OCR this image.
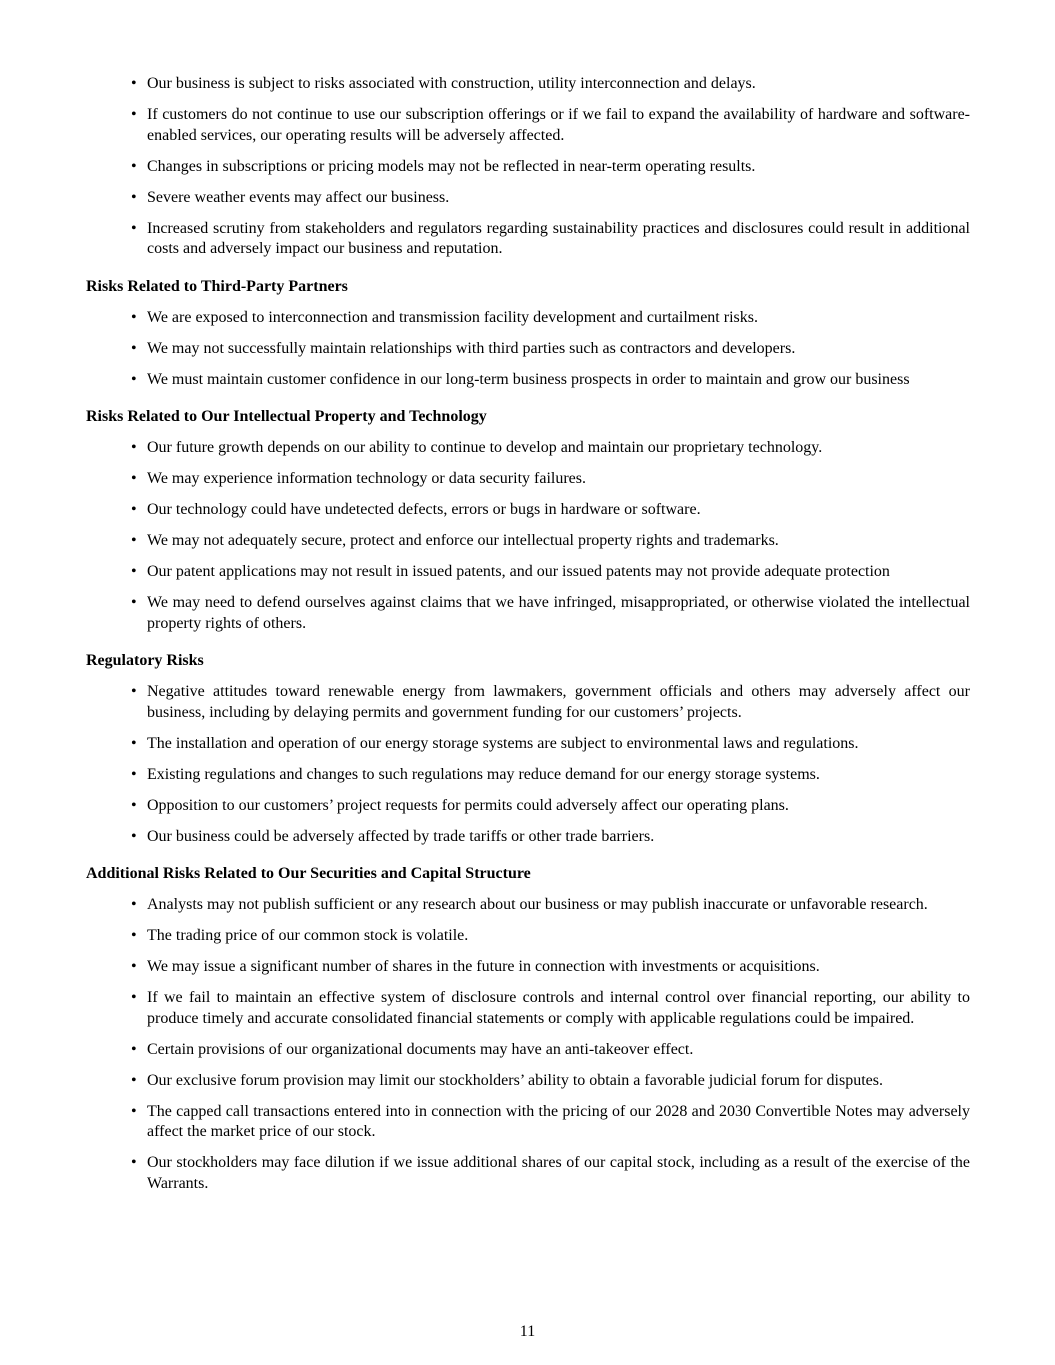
• Our business is subject to risks associated with construction, utility interconnection and delays.
• If customers do not continue to use our subscription offerings or if we fail to expand the availability of hardware and software-enabled services, our operating results will be adversely affected.
• Changes in subscriptions or pricing models may not be reflected in near-term operating results.
• Severe weather events may affect our business.
• Increased scrutiny from stakeholders and regulators regarding sustainability practices and disclosures could result in additional costs and adversely impact our business and reputation.
Risks Related to Third-Party Partners
• We are exposed to interconnection and transmission facility development and curtailment risks.
• We may not successfully maintain relationships with third parties such as contractors and developers.
• We must maintain customer confidence in our long-term business prospects in order to maintain and grow our business
Risks Related to Our Intellectual Property and Technology
• Our future growth depends on our ability to continue to develop and maintain our proprietary technology.
• We may experience information technology or data security failures.
• Our technology could have undetected defects, errors or bugs in hardware or software.
• We may not adequately secure, protect and enforce our intellectual property rights and trademarks.
• Our patent applications may not result in issued patents, and our issued patents may not provide adequate protection
• We may need to defend ourselves against claims that we have infringed, misappropriated, or otherwise violated the intellectual property rights of others.
Regulatory Risks
• Negative attitudes toward renewable energy from lawmakers, government officials and others may adversely affect our business, including by delaying permits and government funding for our customers’ projects.
• The installation and operation of our energy storage systems are subject to environmental laws and regulations.
• Existing regulations and changes to such regulations may reduce demand for our energy storage systems.
• Opposition to our customers’ project requests for permits could adversely affect our operating plans.
• Our business could be adversely affected by trade tariffs or other trade barriers.
Additional Risks Related to Our Securities and Capital Structure
• Analysts may not publish sufficient or any research about our business or may publish inaccurate or unfavorable research.
• The trading price of our common stock is volatile.
• We may issue a significant number of shares in the future in connection with investments or acquisitions.
• If we fail to maintain an effective system of disclosure controls and internal control over financial reporting, our ability to produce timely and accurate consolidated financial statements or comply with applicable regulations could be impaired.
• Certain provisions of our organizational documents may have an anti-takeover effect.
• Our exclusive forum provision may limit our stockholders’ ability to obtain a favorable judicial forum for disputes.
• The capped call transactions entered into in connection with the pricing of our 2028 and 2030 Convertible Notes may adversely affect the market price of our stock.
• Our stockholders may face dilution if we issue additional shares of our capital stock, including as a result of the exercise of the Warrants.
11
